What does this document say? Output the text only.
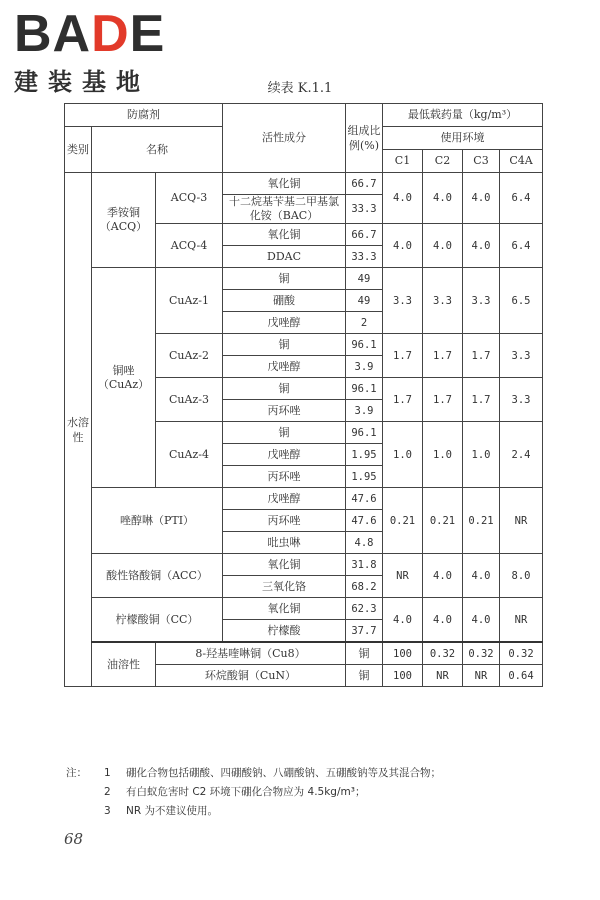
BADE
建装基地	续表 K.1.1
防腐剂			活性成分	组成比例(%)	最低载药量（kg/m³）				
类别	名称				使用环境				
					C1	C2	C3	C4A	
水溶性	季铵铜（ACQ）	ACQ-3	氧化铜	66.7	4.0	4.0	4.0	6.4	
			十二烷基苄基二甲基氯化铵（BAC）	33.3					

		ACQ-4	氧化铜	66.7	4.0	4.0	4.0	6.4	
			DDAC	33.3					
	铜唑（CuAz）	CuAz-1	铜	49	3.3	3.3	3.3	6.5	
			硼酸	49					
			戊唑醇	2					
		CuAz-2	铜	96.1	1.7	1.7	1.7	3.3	
			戊唑醇	3.9					
		CuAz-3	铜	96.1	1.7	1.7	1.7	3.3	
			丙环唑	3.9					
		CuAz-4	铜	96.1	1.0	1.0	1.0	2.4	
			戊唑醇	1.95					
			丙环唑	1.95					
	唑醇啉（PTI）		戊唑醇	47.6	0.21	0.21	0.21	NR	
			丙环唑	47.6					
			吡虫啉	4.8					
	酸性铬酸铜（ACC）		氧化铜	31.8	NR	4.0	4.0	8.0	
			三氧化铬	68.2					
	柠檬酸铜（CC）		氧化铜	62.3	4.0	4.0	4.0	NR	

			柠檬酸	37.7					
	油溶性	8-羟基喹啉铜（Cu8）		铜	100	0.32	0.32	0.32	
		环烷酸铜（CuN）		铜	100	NR	NR	0.64	
注：	1	硼化合物包括硼酸、四硼酸钠、八硼酸钠、五硼酸钠等及其混合物；
2	有白蚁危害时 C2 环境下硼化合物应为 4.5kg/m³；
3	NR 为不建议使用。
68
